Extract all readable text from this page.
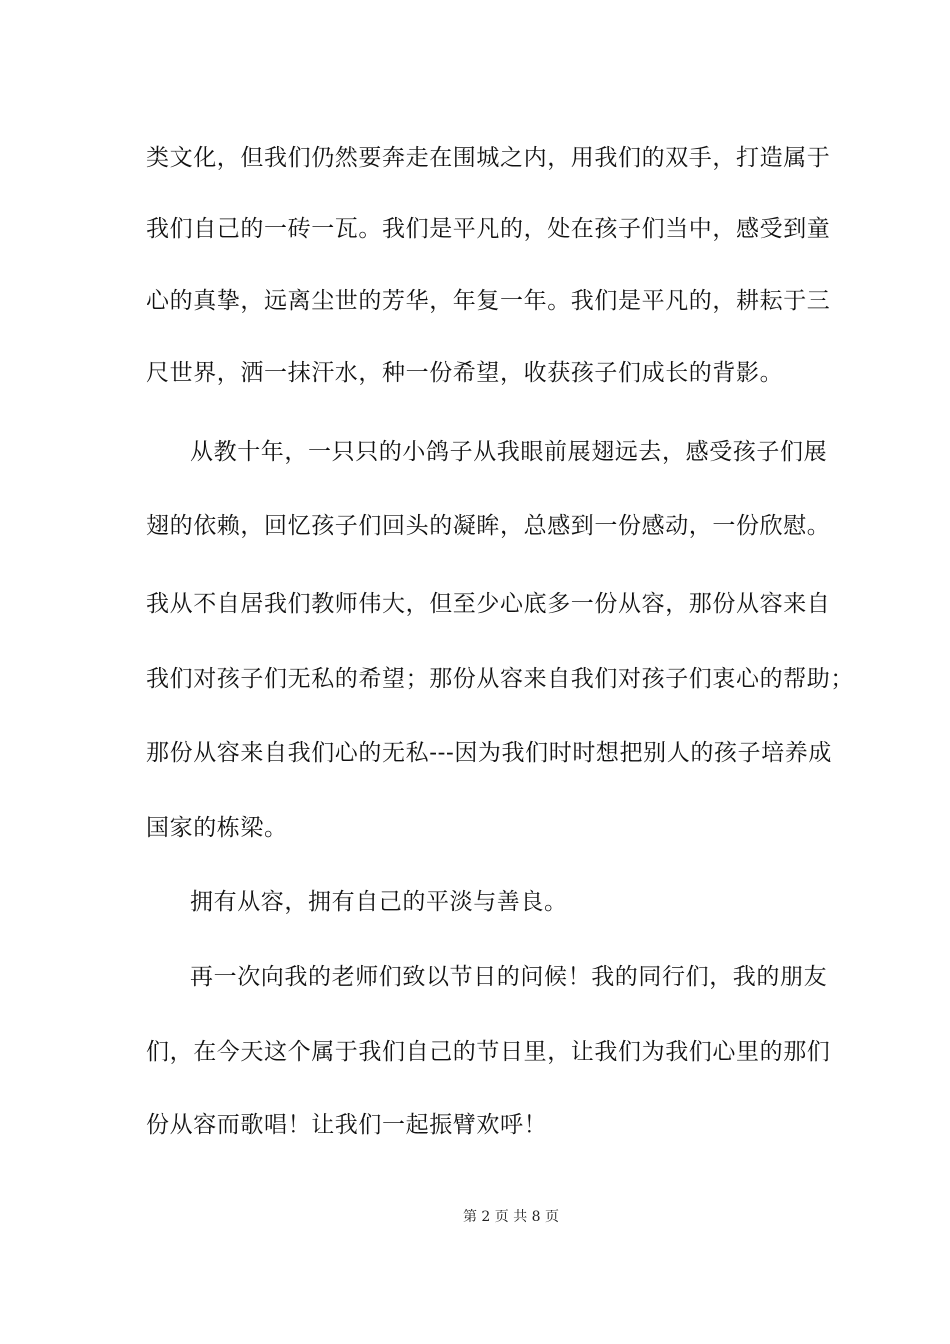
类文化，但我们仍然要奔走在围城之内，用我们的双手，打造属于
我们自己的一砖一瓦。我们是平凡的，处在孩子们当中，感受到童
心的真挚，远离尘世的芳华，年复一年。我们是平凡的，耕耘于三
尺世界，洒一抹汗水，种一份希望，收获孩子们成长的背影。
从教十年，一只只的小鸽子从我眼前展翅远去，感受孩子们展
翅的依赖，回忆孩子们回头的凝眸，总感到一份感动，一份欣慰。
我从不自居我们教师伟大，但至少心底多一份从容，那份从容来自
我们对孩子们无私的希望；那份从容来自我们对孩子们衷心的帮助；
那份从容来自我们心的无私---因为我们时时想把别人的孩子培养成
国家的栋梁。
拥有从容，拥有自己的平淡与善良。
再一次向我的老师们致以节日的问候！我的同行们，我的朋友
们，在今天这个属于我们自己的节日里，让我们为我们心里的那们
份从容而歌唱！让我们一起振臂欢呼！
第 2 页 共 8 页
